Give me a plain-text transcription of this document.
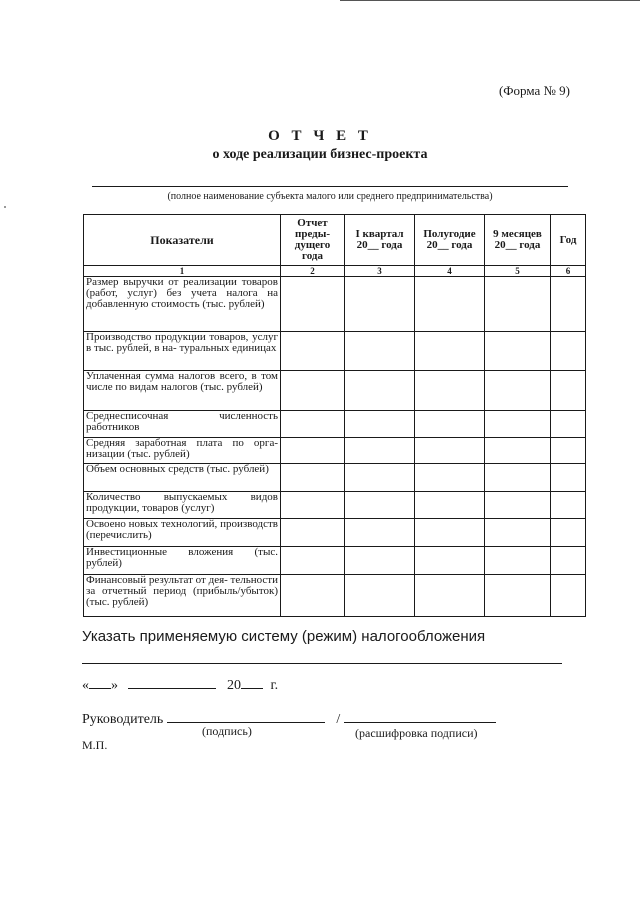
(Форма № 9)
О Т Ч Е Т
о ходе реализации бизнес-проекта
(полное наименование субъекта малого или среднего предпринимательства)
Показатели	Отчет преды- дущего года	I квартал 20__ года	Полугодие 20__ года	9 месяцев 20__ года	Год
1	2	3	4	5	6
Размер выручки от реализации товаров (работ, услуг) без учета налога на добавленную стоимость (тыс. рублей)					
Производство продукции товаров, услуг в тыс. рублей, в на- туральных единицах					
Уплаченная сумма налогов всего, в том числе по видам налогов (тыс. рублей)					
Среднесписочная численность работников					
Средняя заработная плата по орга- низации (тыс. рублей)					
Объем основных средств (тыс. рублей)					
Количество выпускаемых видов продукции, товаров (услуг)					
Освоено новых технологий, производств (перечислить)					
Инвестиционные вложения (тыс. рублей)					
Финансовый результат от дея- тельности за отчетный период (прибыль/убыток) (тыс. рублей)					
Указать применяемую систему (режим) налогообложения
« »	20 г.
Руководитель	/
(подпись)	(расшифровка подписи)
М.П.
